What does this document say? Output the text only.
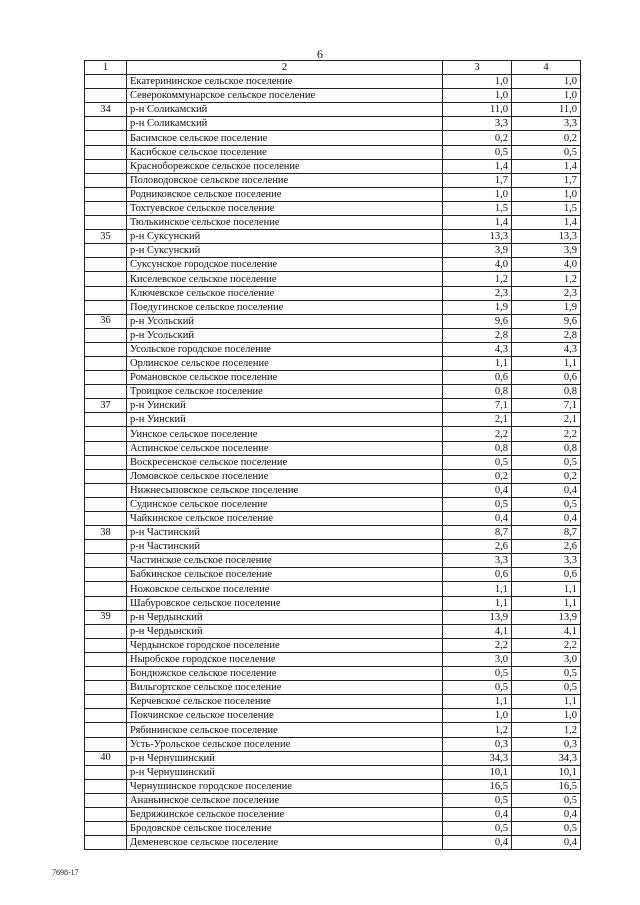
6
1	2	3	4
	Екатерининское сельское поселение	1,0	1,0
	Северокоммунарское сельское поселение	1,0	1,0
34	р-н Соликамский	11,0	11,0
	р-н Соликамский	3,3	3,3
	Басимское сельское поселение	0,2	0,2
	Касибское сельское поселение	0,5	0,5
	Красноборежское сельское поселение	1,4	1,4
	Половодовское сельское поселение	1,7	1,7
	Родниковское сельское поселение	1,0	1,0
	Тохтуевское сельское поселение	1,5	1,5
	Тюлькинское сельское поселение	1,4	1,4
35	р-н Суксунский	13,3	13,3
	р-н Суксунский	3,9	3,9
	Суксунское городское поселение	4,0	4,0
	Киселевское сельское поселение	1,2	1,2
	Ключевское сельское поселение	2,3	2,3
	Поедугинское сельское поселение	1,9	1,9
36	р-н Усольский	9,6	9,6
	р-н Усольский	2,8	2,8
	Усольское городское поселение	4,3	4,3
	Орлинское сельское поселение	1,1	1,1
	Романовское сельское поселение	0,6	0,6
	Троицкое сельское поселение	0,8	0,8
37	р-н Уинский	7,1	7,1
	р-н Уинский	2,1	2,1
	Уинское сельское поселение	2,2	2,2
	Аспинское сельское поселение	0,8	0,8
	Воскресенское сельское поселение	0,5	0,5
	Ломовское сельское поселение	0,2	0,2
	Нижнесыповское сельское поселение	0,4	0,4
	Судинское сельское поселение	0,5	0,5
	Чайкинское сельское поселение	0,4	0,4
38	р-н Частинский	8,7	8,7
	р-н Частинский	2,6	2,6
	Частинское сельское поселение	3,3	3,3
	Бабкинское сельское поселение	0,6	0,6
	Ножовское сельское поселение	1,1	1,1
	Шабуровское сельское поселение	1,1	1,1
39	р-н Чердынский	13,9	13,9
	р-н Чердынский	4,1	4,1
	Чердынское городское поселение	2,2	2,2
	Ныробское городское поселение	3,0	3,0
	Бондюжское сельское поселение	0,5	0,5
	Вильгортское сельское поселение	0,5	0,5
	Керчевское сельское поселение	1,1	1,1
	Покчинское сельское поселение	1,0	1,0
	Рябининское сельское поселение	1,2	1,2
	Усть-Урольское сельское поселение	0,3	0,3
40	р-н Чернушинский	34,3	34,3
	р-н Чернушинский	10,1	10,1
	Чернушинское городское поселение	16,5	16,5
	Ананьинское сельское поселение	0,5	0,5
	Бедряжинское сельское поселение	0,4	0,4
	Бродовское сельское поселение	0,5	0,5
	Деменевское сельское поселение	0,4	0,4
7698-17
